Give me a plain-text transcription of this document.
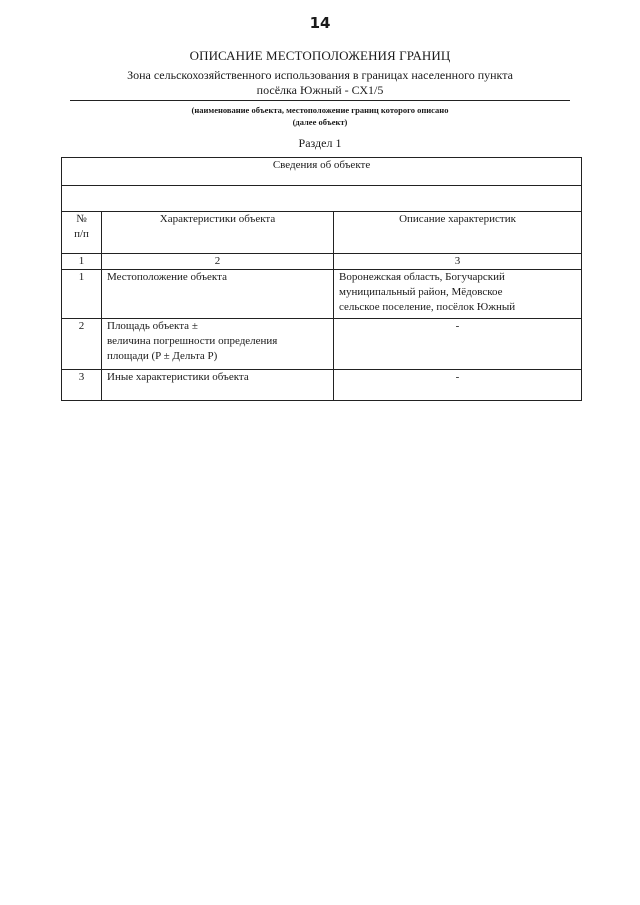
14
ОПИСАНИЕ МЕСТОПОЛОЖЕНИЯ ГРАНИЦ
Зона сельскохозяйственного использования в границах населенного пункта
посёлка Южный - СХ1/5
(наименование объекта, местоположение границ которого описано
(далее объект)
Раздел 1
Сведения об объекте		

№
п/п	Характеристики объекта	Описание характеристик
1	2	3
1	Местоположение объекта	Воронежская область, Богучарский
муниципальный район, Мёдовское
сельское поселение, посёлок Южный

2	Площадь объекта ±
величина погрешности определения
площади (P ± Дельта P)	-
3	Иные характеристики объекта	-
